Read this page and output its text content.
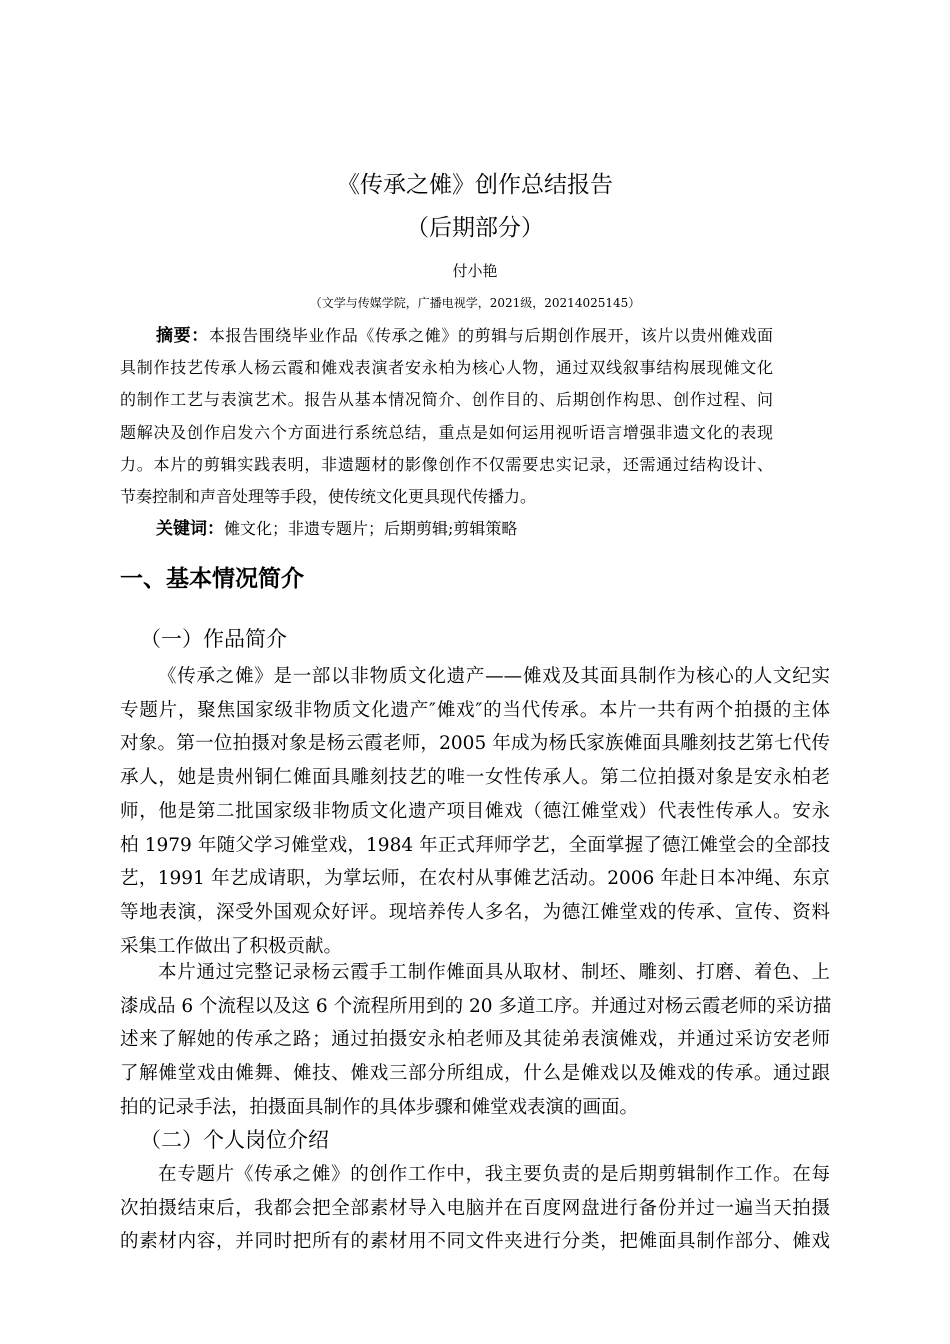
《传承之傩》创作总结报告
（后期部分）
付小艳
（文学与传媒学院，广播电视学，2021级，20214025145）
摘要：本报告围绕毕业作品《传承之傩》的剪辑与后期创作展开，该片以贵州傩戏面
具制作技艺传承人杨云霞和傩戏表演者安永柏为核心人物，通过双线叙事结构展现傩文化
的制作工艺与表演艺术。报告从基本情况简介、创作目的、后期创作构思、创作过程、问
题解决及创作启发六个方面进行系统总结，重点是如何运用视听语言增强非遗文化的表现
力。本片的剪辑实践表明，非遗题材的影像创作不仅需要忠实记录，还需通过结构设计、
节奏控制和声音处理等手段，使传统文化更具现代传播力。
关键词：傩文化；非遗专题片；后期剪辑;剪辑策略
一、基本情况简介
（一）作品简介
《传承之傩》是一部以非物质文化遗产——傩戏及其面具制作为核心的人文纪实
专题片，聚焦国家级非物质文化遗产″傩戏″的当代传承。本片一共有两个拍摄的主体
对象。第一位拍摄对象是杨云霞老师，2005 年成为杨氏家族傩面具雕刻技艺第七代传
承人，她是贵州铜仁傩面具雕刻技艺的唯一女性传承人。第二位拍摄对象是安永柏老
师，他是第二批国家级非物质文化遗产项目傩戏（德江傩堂戏）代表性传承人。安永
柏 1979 年随父学习傩堂戏，1984 年正式拜师学艺，全面掌握了德江傩堂会的全部技
艺，1991 年艺成请职，为掌坛师，在农村从事傩艺活动。2006 年赴日本冲绳、东京
等地表演，深受外国观众好评。现培养传人多名，为德江傩堂戏的传承、宣传、资料
采集工作做出了积极贡献。
本片通过完整记录杨云霞手工制作傩面具从取材、制坯、雕刻、打磨、着色、上
漆成品 6 个流程以及这 6 个流程所用到的 20 多道工序。并通过对杨云霞老师的采访描
述来了解她的传承之路；通过拍摄安永柏老师及其徒弟表演傩戏，并通过采访安老师
了解傩堂戏由傩舞、傩技、傩戏三部分所组成，什么是傩戏以及傩戏的传承。通过跟
拍的记录手法，拍摄面具制作的具体步骤和傩堂戏表演的画面。
（二）个人岗位介绍
在专题片《传承之傩》的创作工作中，我主要负责的是后期剪辑制作工作。在每
次拍摄结束后，我都会把全部素材导入电脑并在百度网盘进行备份并过一遍当天拍摄
的素材内容，并同时把所有的素材用不同文件夹进行分类，把傩面具制作部分、傩戏
